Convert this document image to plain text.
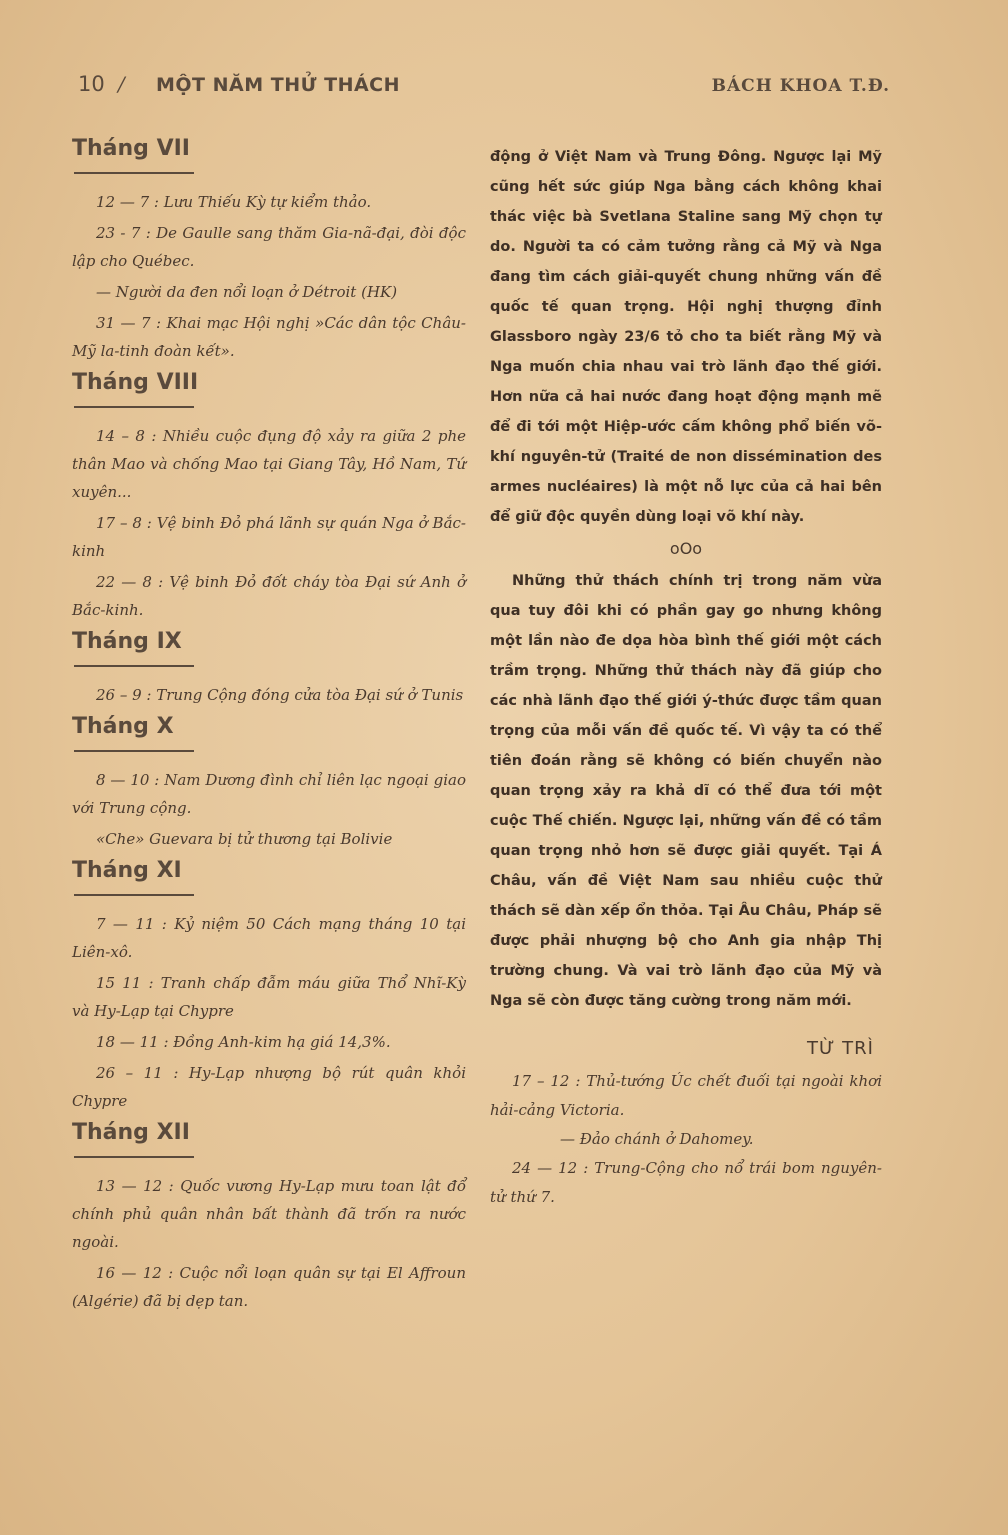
10 / MỘT NĂM THỬ THÁCH	BÁCH KHOA T.Đ.
Tháng VII

12 — 7 : Lưu Thiếu Kỳ tự kiểm thảo.

23 - 7 : De Gaulle sang thăm Gia-nã-đại, đòi độc lập cho Québec.

— Người da đen nổi loạn ở Détroit (HK)

31 — 7 : Khai mạc Hội nghị »Các dân tộc Châu-Mỹ la-tinh đoàn kết».

Tháng VIII

14 – 8 : Nhiều cuộc đụng độ xảy ra giữa 2 phe thân Mao và chống Mao tại Giang Tây, Hồ Nam, Tứ xuyên...

17 – 8 : Vệ binh Đỏ phá lãnh sự quán Nga ở Bắc-kinh

22 — 8 : Vệ binh Đỏ đốt cháy tòa Đại sứ Anh ở Bắc-kinh.

Tháng IX

26 – 9 : Trung Cộng đóng cửa tòa Đại sứ ở Tunis

Tháng X

8 — 10 : Nam Dương đình chỉ liên lạc ngoại giao với Trung cộng.

«Che» Guevara bị tử thương tại Bolivie

Tháng XI

7 — 11 : Kỷ niệm 50 Cách mạng tháng 10 tại Liên-xô.

15 11 : Tranh chấp đẫm máu giữa Thổ Nhĩ-Kỳ và Hy-Lạp tại Chypre

18 — 11 : Đồng Anh-kim hạ giá 14,3%.

26 – 11 : Hy-Lạp nhượng bộ rút quân khỏi Chypre

Tháng XII

13 — 12 : Quốc vương Hy-Lạp mưu toan lật đổ chính phủ quân nhân bất thành đã trốn ra nước ngoài.

16 — 12 : Cuộc nổi loạn quân sự tại El Affroun (Algérie) đã bị dẹp tan.

động ở Việt Nam và Trung Đông. Ngược lại Mỹ cũng hết sức giúp Nga bằng cách không khai thác việc bà Svetlana Staline sang Mỹ chọn tự do. Người ta có cảm tưởng rằng cả Mỹ và Nga đang tìm cách giải-quyết chung những vấn đề quốc tế quan trọng. Hội nghị thượng đỉnh Glassboro ngày 23/6 tỏ cho ta biết rằng Mỹ và Nga muốn chia nhau vai trò lãnh đạo thế giới. Hơn nữa cả hai nước đang hoạt động mạnh mẽ để đi tới một Hiệp-ước cấm không phổ biến võ-khí nguyên-tử (Traité de non dissémination des armes nucléaires) là một nỗ lực của cả hai bên để giữ độc quyền dùng loại võ khí này.

oOo

Những thử thách chính trị trong năm vừa qua tuy đôi khi có phần gay go nhưng không một lần nào đe dọa hòa bình thế giới một cách trầm trọng. Những thử thách này đã giúp cho các nhà lãnh đạo thế giới ý-thức được tầm quan trọng của mỗi vấn đề quốc tế. Vì vậy ta có thể tiên đoán rằng sẽ không có biến chuyển nào quan trọng xảy ra khả dĩ có thể đưa tới một cuộc Thế chiến. Ngược lại, những vấn đề có tầm quan trọng nhỏ hơn sẽ được giải quyết. Tại Á Châu, vấn đề Việt Nam sau nhiều cuộc thử thách sẽ dàn xếp ổn thỏa. Tại Âu Châu, Pháp sẽ được phải nhượng bộ cho Anh gia nhập Thị trường chung. Và vai trò lãnh đạo của Mỹ và Nga sẽ còn được tăng cường trong năm mới.

TỪ TRÌ

17 – 12 : Thủ-tướng Úc chết đuối tại ngoài khơi hải-cảng Victoria.

— Đảo chánh ở Dahomey.

24 — 12 : Trung-Cộng cho nổ trái bom nguyên-tử thứ 7.
